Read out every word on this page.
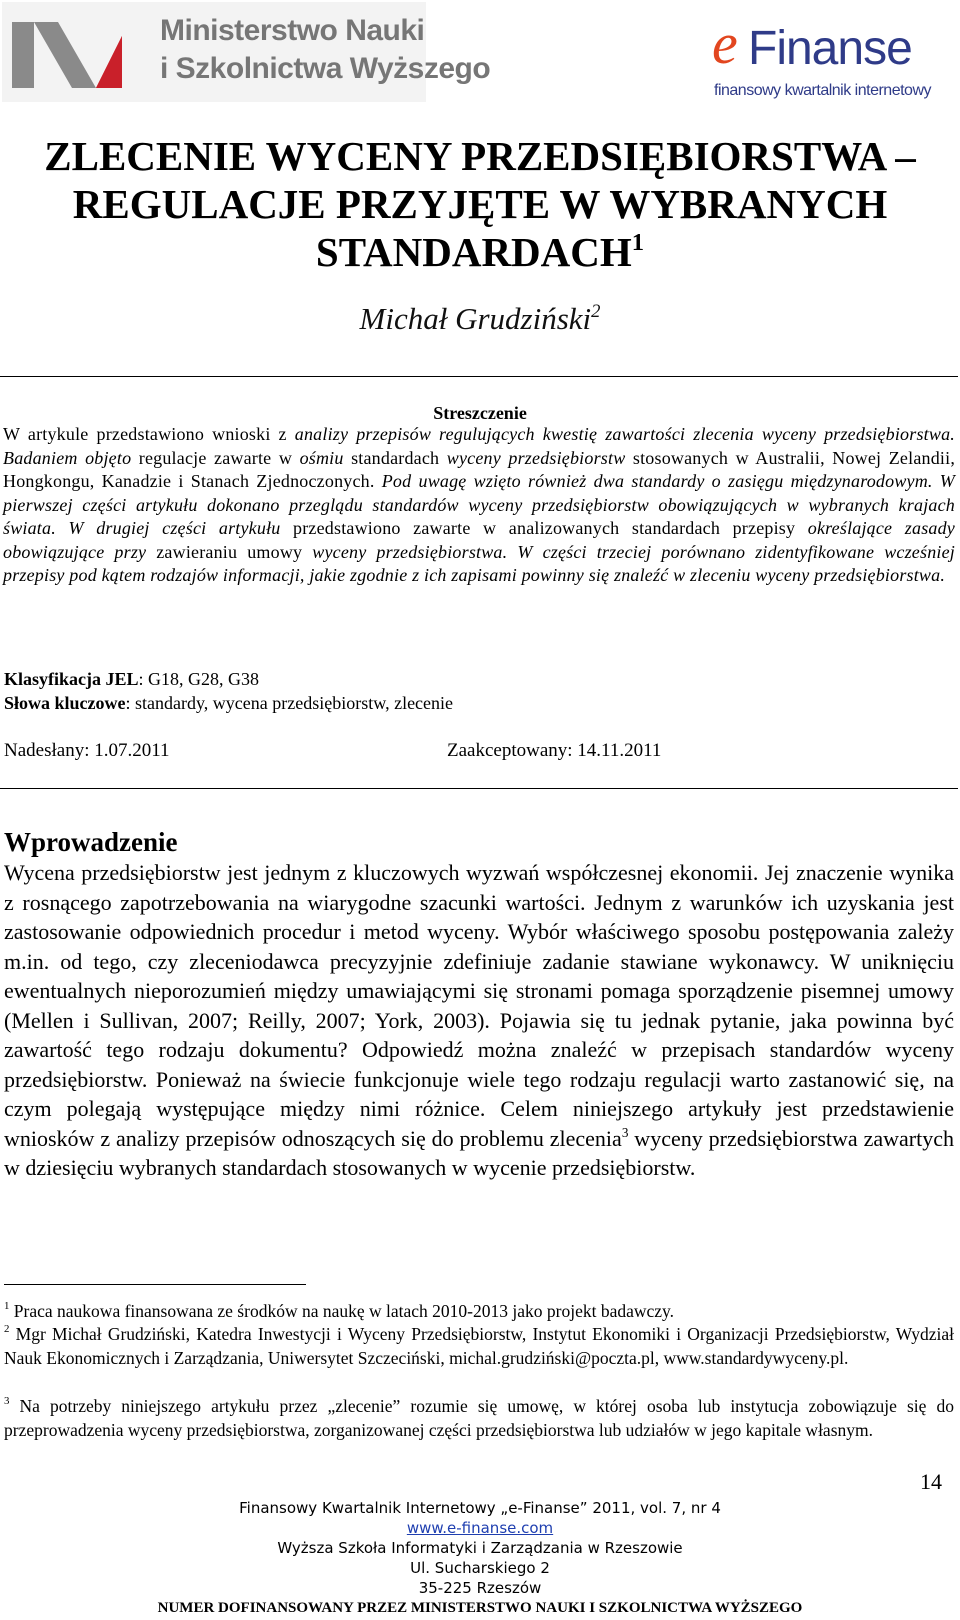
Ministerstwo Nauki
i Szkolnictwa Wyższego	e Finanse
finansowy kwartalnik internetowy
ZLECENIE WYCENY PRZEDSIĘBIORSTWA –
REGULACJE PRZYJĘTE W WYBRANYCH
STANDARDACH$^1$
Michał Grudziński$^2$
Streszczenie
W artykule przedstawiono wnioski z analizy przepisów regulujących kwestię zawartości zlecenia wyceny przedsiębiorstwa. Badaniem objęto regulacje zawarte w ośmiu standardach wyceny przedsiębiorstw stosowanych w Australii, Nowej Zelandii, Hongkongu, Kanadzie i Stanach Zjednoczonych. Pod uwagę wzięto również dwa standardy o zasięgu międzynarodowym. W pierwszej części artykułu dokonano przeglądu standardów wyceny przedsiębiorstw obowiązujących w wybranych krajach świata. W drugiej części artykułu przedstawiono zawarte w analizowanych standardach przepisy określające zasady obowiązujące przy zawieraniu umowy wyceny przedsiębiorstwa. W części trzeciej porównano zidentyfikowane wcześniej przepisy pod kątem rodzajów informacji, jakie zgodnie z ich zapisami powinny się znaleźć w zleceniu wyceny przedsiębiorstwa.
Klasyfikacja JEL: G18, G28, G38
Słowa kluczowe: standardy, wycena przedsiębiorstw, zlecenie
Nadesłany: 1.07.2011	Zaakceptowany: 14.11.2011
Wprowadzenie
Wycena przedsiębiorstw jest jednym z kluczowych wyzwań współczesnej ekonomii. Jej znaczenie wynika z rosnącego zapotrzebowania na wiarygodne szacunki wartości. Jednym z warunków ich uzyskania jest zastosowanie odpowiednich procedur i metod wyceny. Wybór właściwego sposobu postępowania zależy m.in. od tego, czy zleceniodawca precyzyjnie zdefiniuje zadanie stawiane wykonawcy. W uniknięciu ewentualnych nieporozumień między umawiającymi się stronami pomaga sporządzenie pisemnej umowy (Mellen i Sullivan, 2007; Reilly, 2007; York, 2003). Pojawia się tu jednak pytanie, jaka powinna być zawartość tego rodzaju dokumentu? Odpowiedź można znaleźć w przepisach standardów wyceny przedsiębiorstw. Ponieważ na świecie funkcjonuje wiele tego rodzaju regulacji warto zastanowić się, na czym polegają występujące między nimi różnice. Celem niniejszego artykuły jest przedstawienie wniosków z analizy przepisów odnoszących się do problemu zlecenia$^3$ wyceny przedsiębiorstwa zawartych w dziesięciu wybranych standardach stosowanych w wycenie przedsiębiorstw.
$^1$ Praca naukowa finansowana ze środków na naukę w latach 2010-2013 jako projekt badawczy.
$^2$ Mgr Michał Grudziński, Katedra Inwestycji i Wyceny Przedsiębiorstw, Instytut Ekonomiki i Organizacji Przedsiębiorstw, Wydział Nauk Ekonomicznych i Zarządzania, Uniwersytet Szczeciński, michal.grudziński@poczta.pl, www.standardywyceny.pl.
$^3$ Na potrzeby niniejszego artykułu przez „zlecenie” rozumie się umowę, w której osoba lub instytucja zobowiązuje się do przeprowadzenia wyceny przedsiębiorstwa, zorganizowanej części przedsiębiorstwa lub udziałów w jego kapitale własnym.
14
Finansowy Kwartalnik Internetowy „e-Finanse” 2011, vol. 7, nr 4
www.e-finanse.com
Wyższa Szkoła Informatyki i Zarządzania w Rzeszowie
Ul. Sucharskiego 2
35-225 Rzeszów
NUMER DOFINANSOWANY PRZEZ MINISTERSTWO NAUKI I SZKOLNICTWA WYŻSZEGO
